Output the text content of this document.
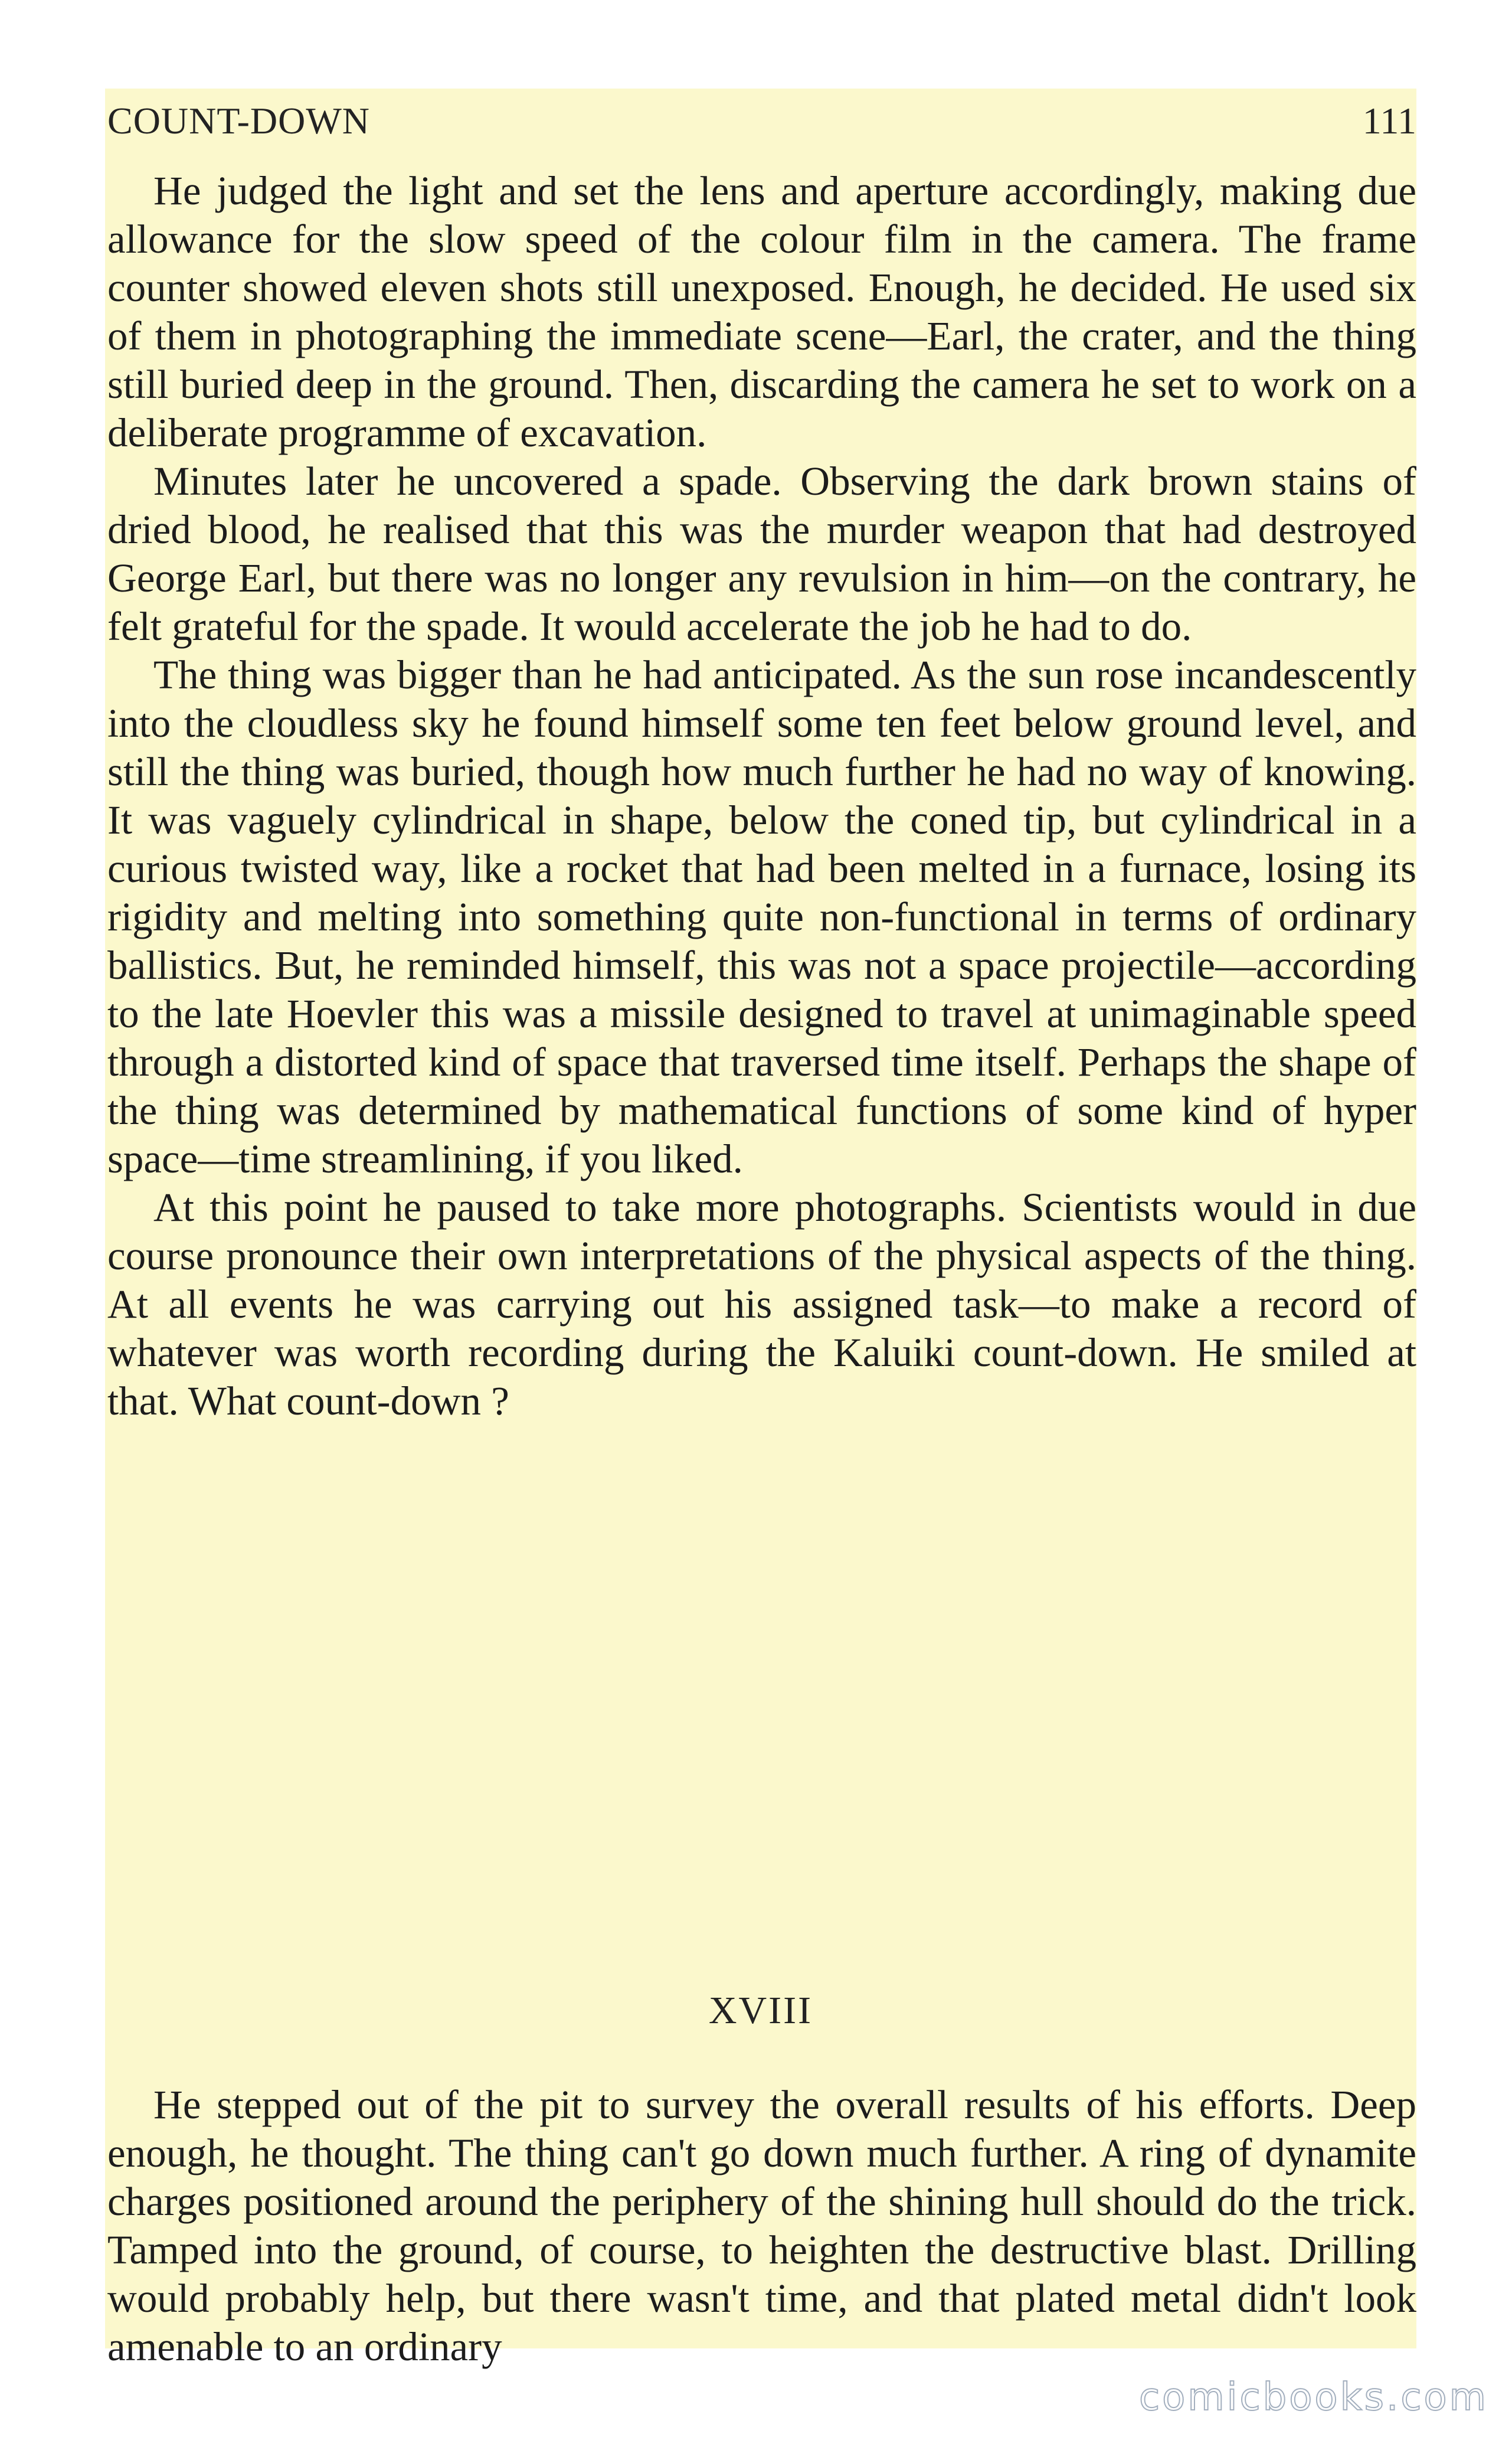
COUNT-DOWN	111

He judged the light and set the lens and aperture accordingly, making due allowance for the slow speed of the colour film in the camera. The frame counter showed eleven shots still unexposed. Enough, he decided. He used six of them in photographing the immediate scene—Earl, the crater, and the thing still buried deep in the ground. Then, discarding the camera he set to work on a deliberate programme of excavation.

Minutes later he uncovered a spade. Observing the dark brown stains of dried blood, he realised that this was the murder weapon that had destroyed George Earl, but there was no longer any revulsion in him—on the contrary, he felt grateful for the spade. It would accelerate the job he had to do.

The thing was bigger than he had anticipated. As the sun rose incandescently into the cloudless sky he found himself some ten feet below ground level, and still the thing was buried, though how much further he had no way of knowing. It was vaguely cylindrical in shape, below the coned tip, but cylindrical in a curious twisted way, like a rocket that had been melted in a furnace, losing its rigidity and melting into something quite non-functional in terms of ordinary ballistics. But, he reminded himself, this was not a space projectile—according to the late Hoevler this was a missile designed to travel at unimaginable speed through a distorted kind of space that traversed time itself. Perhaps the shape of the thing was determined by mathematical functions of some kind of hyper space—time streamlining, if you liked.

At this point he paused to take more photographs. Scientists would in due course pronounce their own interpretations of the physical aspects of the thing. At all events he was carrying out his assigned task—to make a record of whatever was worth recording during the Kaluiki count-down. He smiled at that. What count-down ?

XVIII

He stepped out of the pit to survey the overall results of his efforts. Deep enough, he thought. The thing can't go down much further. A ring of dynamite charges positioned around the periphery of the shining hull should do the trick. Tamped into the ground, of course, to heighten the destructive blast. Drilling would probably help, but there wasn't time, and that plated metal didn't look amenable to an ordinary

comicbooks.com
